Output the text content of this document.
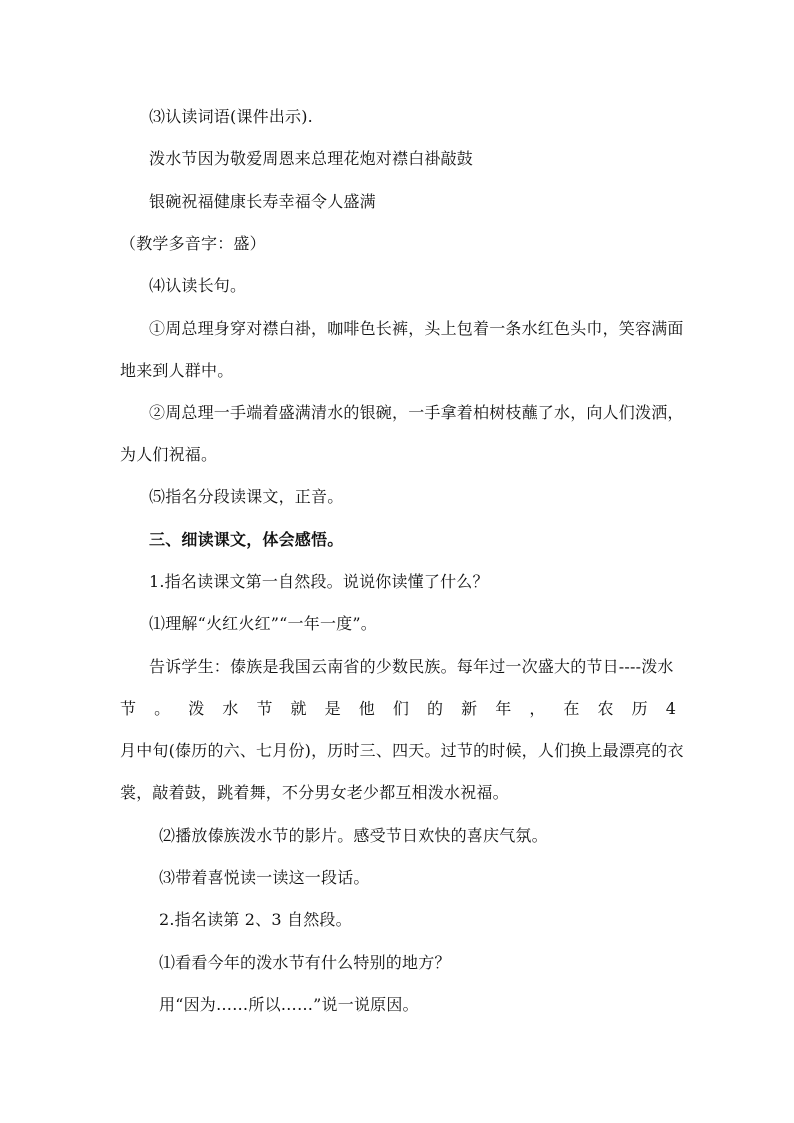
⑶认读词语(课件出示).
泼水节因为敬爱周恩来总理花炮对襟白褂敲鼓
银碗祝福健康长寿幸福令人盛满
（教学多音字：盛）
⑷认读长句。
①周总理身穿对襟白褂，咖啡色长裤，头上包着一条水红色头巾，笑容满面
地来到人群中。
②周总理一手端着盛满清水的银碗，一手拿着柏树枝蘸了水，向人们泼洒，
为人们祝福。
⑸指名分段读课文，正音。
三、细读课文，体会感悟。
1.指名读课文第一自然段。说说你读懂了什么？
⑴理解“火红火红”“一年一度”。
告诉学生：傣族是我国云南省的少数民族。每年过一次盛大的节日----泼水
节 。 泼 水 节 就 是 他 们 的 新 年 ， 在 农 历 4
月中旬(傣历的六、七月份)，历时三、四天。过节的时候，人们换上最漂亮的衣
裳，敲着鼓，跳着舞，不分男女老少都互相泼水祝福。
⑵播放傣族泼水节的影片。感受节日欢快的喜庆气氛。
⑶带着喜悦读一读这一段话。
2.指名读第 2、3 自然段。
⑴看看今年的泼水节有什么特别的地方？
用“因为……所以……”说一说原因。
